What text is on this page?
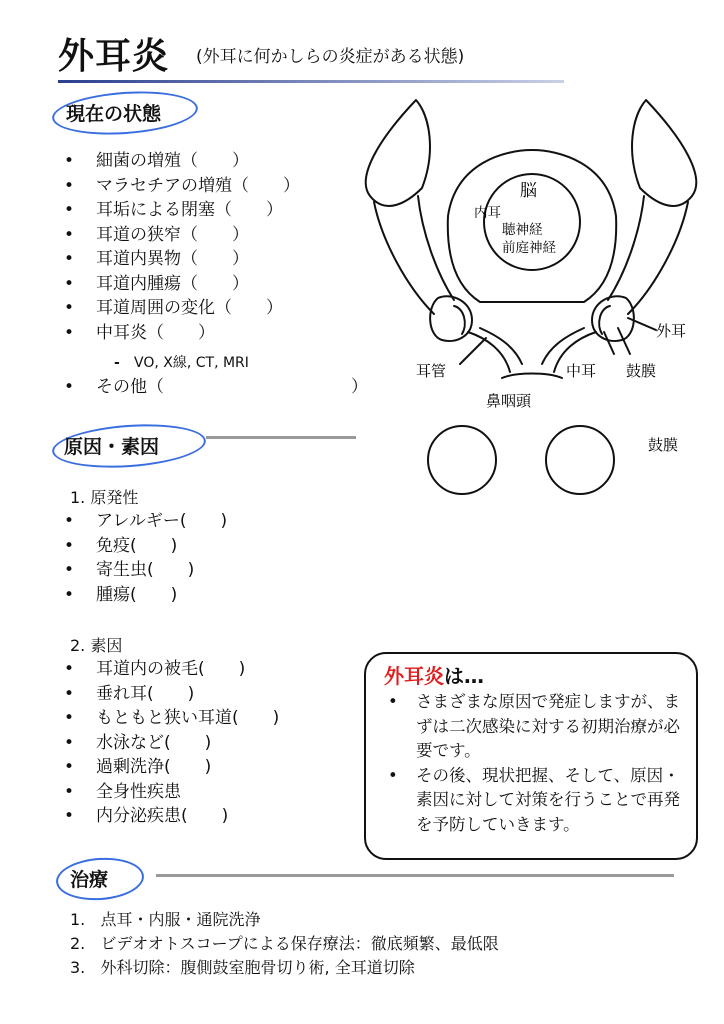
外耳炎 (外耳に何かしらの炎症がある状態)
現在の状態
• 細菌の増殖（　　）
• マラセチアの増殖（　　）
• 耳垢による閉塞（　　）
• 耳道の狭窄（　　）
• 耳道内異物（　　）
• 耳道内腫瘍（　　）
• 耳道周囲の変化（　　）
• 中耳炎（　　）
- VO, X線, CT, MRI
• その他（　　　　　　　　　　　）
原因・素因
1. 原発性
• アレルギー(　　)
• 免疫(　　)
• 寄生虫(　　)
• 腫瘍(　　)
2. 素因
• 耳道内の被毛(　　)
• 垂れ耳(　　)
• もともと狭い耳道(　　)
• 水泳など(　　)
• 過剰洗浄(　　)
• 全身性疾患
• 内分泌疾患(　　)
外耳炎は…
• さまざまな原因で発症しますが、まずは二次感染に対する初期治療が必要です。
• その後、現状把握、そして、原因・素因に対して対策を行うことで再発を予防していきます。
脳
内耳
聴神経
前庭神経
外耳
耳管	中耳 鼓膜
鼻咽頭
鼓膜
治療
1.   点耳・内服・通院洗浄
2.   ビデオオトスコープによる保存療法：徹底頻繁、最低限
3.   外科切除：腹側鼓室胞骨切り術, 全耳道切除
